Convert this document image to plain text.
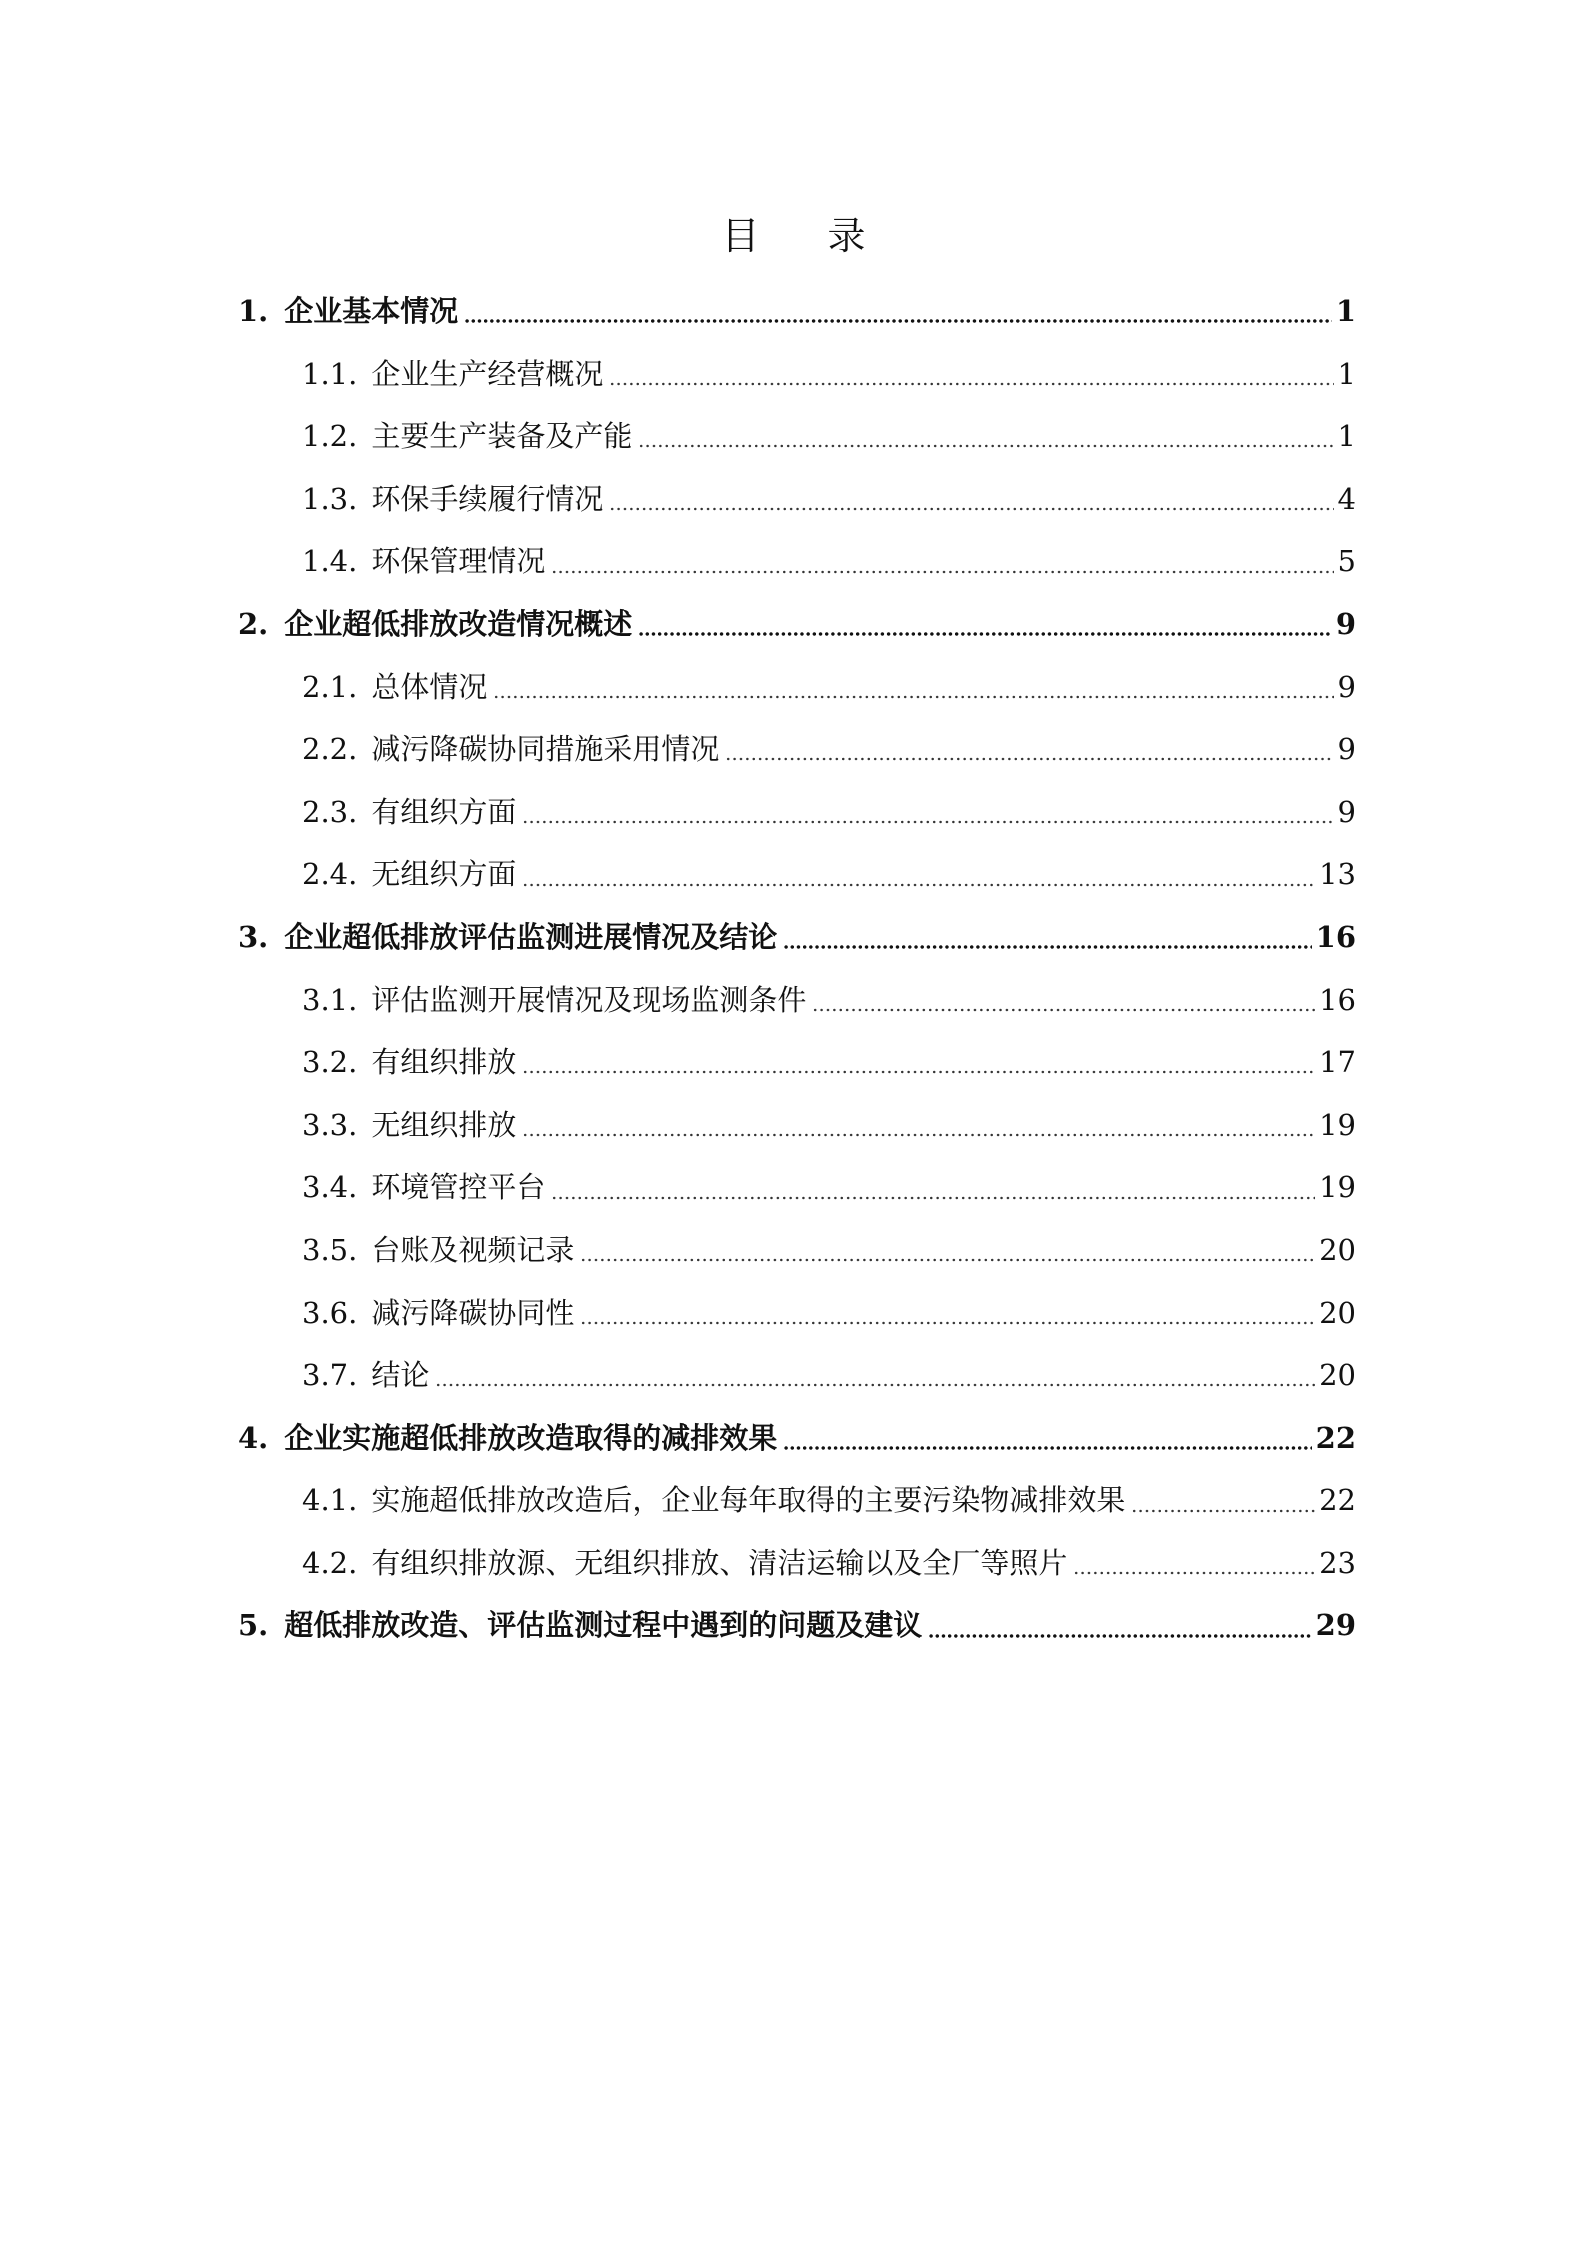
目 录
1. 企业基本情况	1
1.1. 企业生产经营概况	1
1.2. 主要生产装备及产能	1
1.3. 环保手续履行情况	4
1.4. 环保管理情况	5
2. 企业超低排放改造情况概述	9
2.1. 总体情况	9
2.2. 减污降碳协同措施采用情况	9
2.3. 有组织方面	9
2.4. 无组织方面	13
3. 企业超低排放评估监测进展情况及结论	16
3.1. 评估监测开展情况及现场监测条件	16
3.2. 有组织排放	17
3.3. 无组织排放	19
3.4. 环境管控平台	19
3.5. 台账及视频记录	20
3.6. 减污降碳协同性	20
3.7. 结论	20
4. 企业实施超低排放改造取得的减排效果	22
4.1. 实施超低排放改造后，企业每年取得的主要污染物减排效果	22
4.2. 有组织排放源、无组织排放、清洁运输以及全厂等照片	23
5. 超低排放改造、评估监测过程中遇到的问题及建议	29
